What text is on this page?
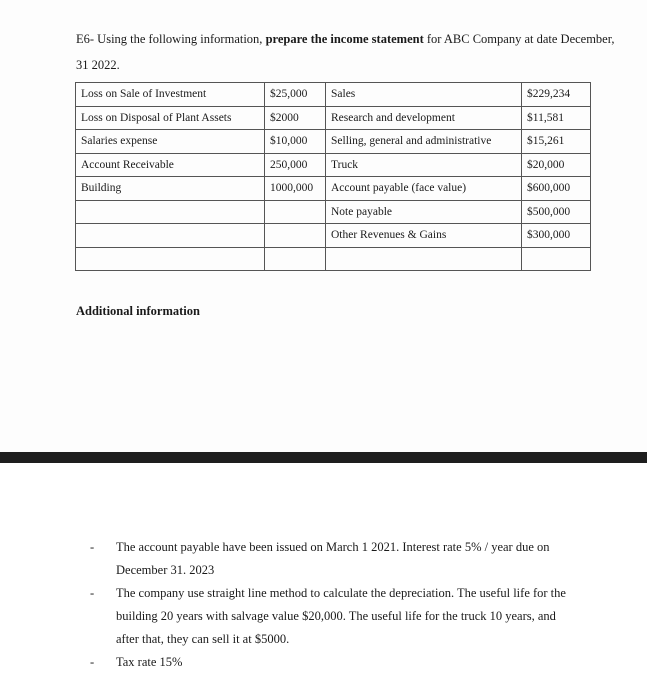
E6- Using the following information, prepare the income statement for ABC Company at date December, 31 2022.
Loss on Sale of Investment	$25,000	Sales	$229,234
Loss on Disposal of Plant Assets	$2000	Research and development	$11,581
Salaries expense	$10,000	Selling, general and administrative	$15,261
Account Receivable	250,000	Truck	$20,000
Building	1000,000	Account payable (face value)	$600,000
		Note payable	$500,000
		Other Revenues & Gains	$300,000

Additional information
- The account payable have been issued on March 1 2021. Interest rate 5% / year due on December 31. 2023
- The company use straight line method to calculate the depreciation. The useful life for the building 20 years with salvage value $20,000. The useful life for the truck 10 years, and after that, they can sell it at $5000.
- Tax rate 15%
